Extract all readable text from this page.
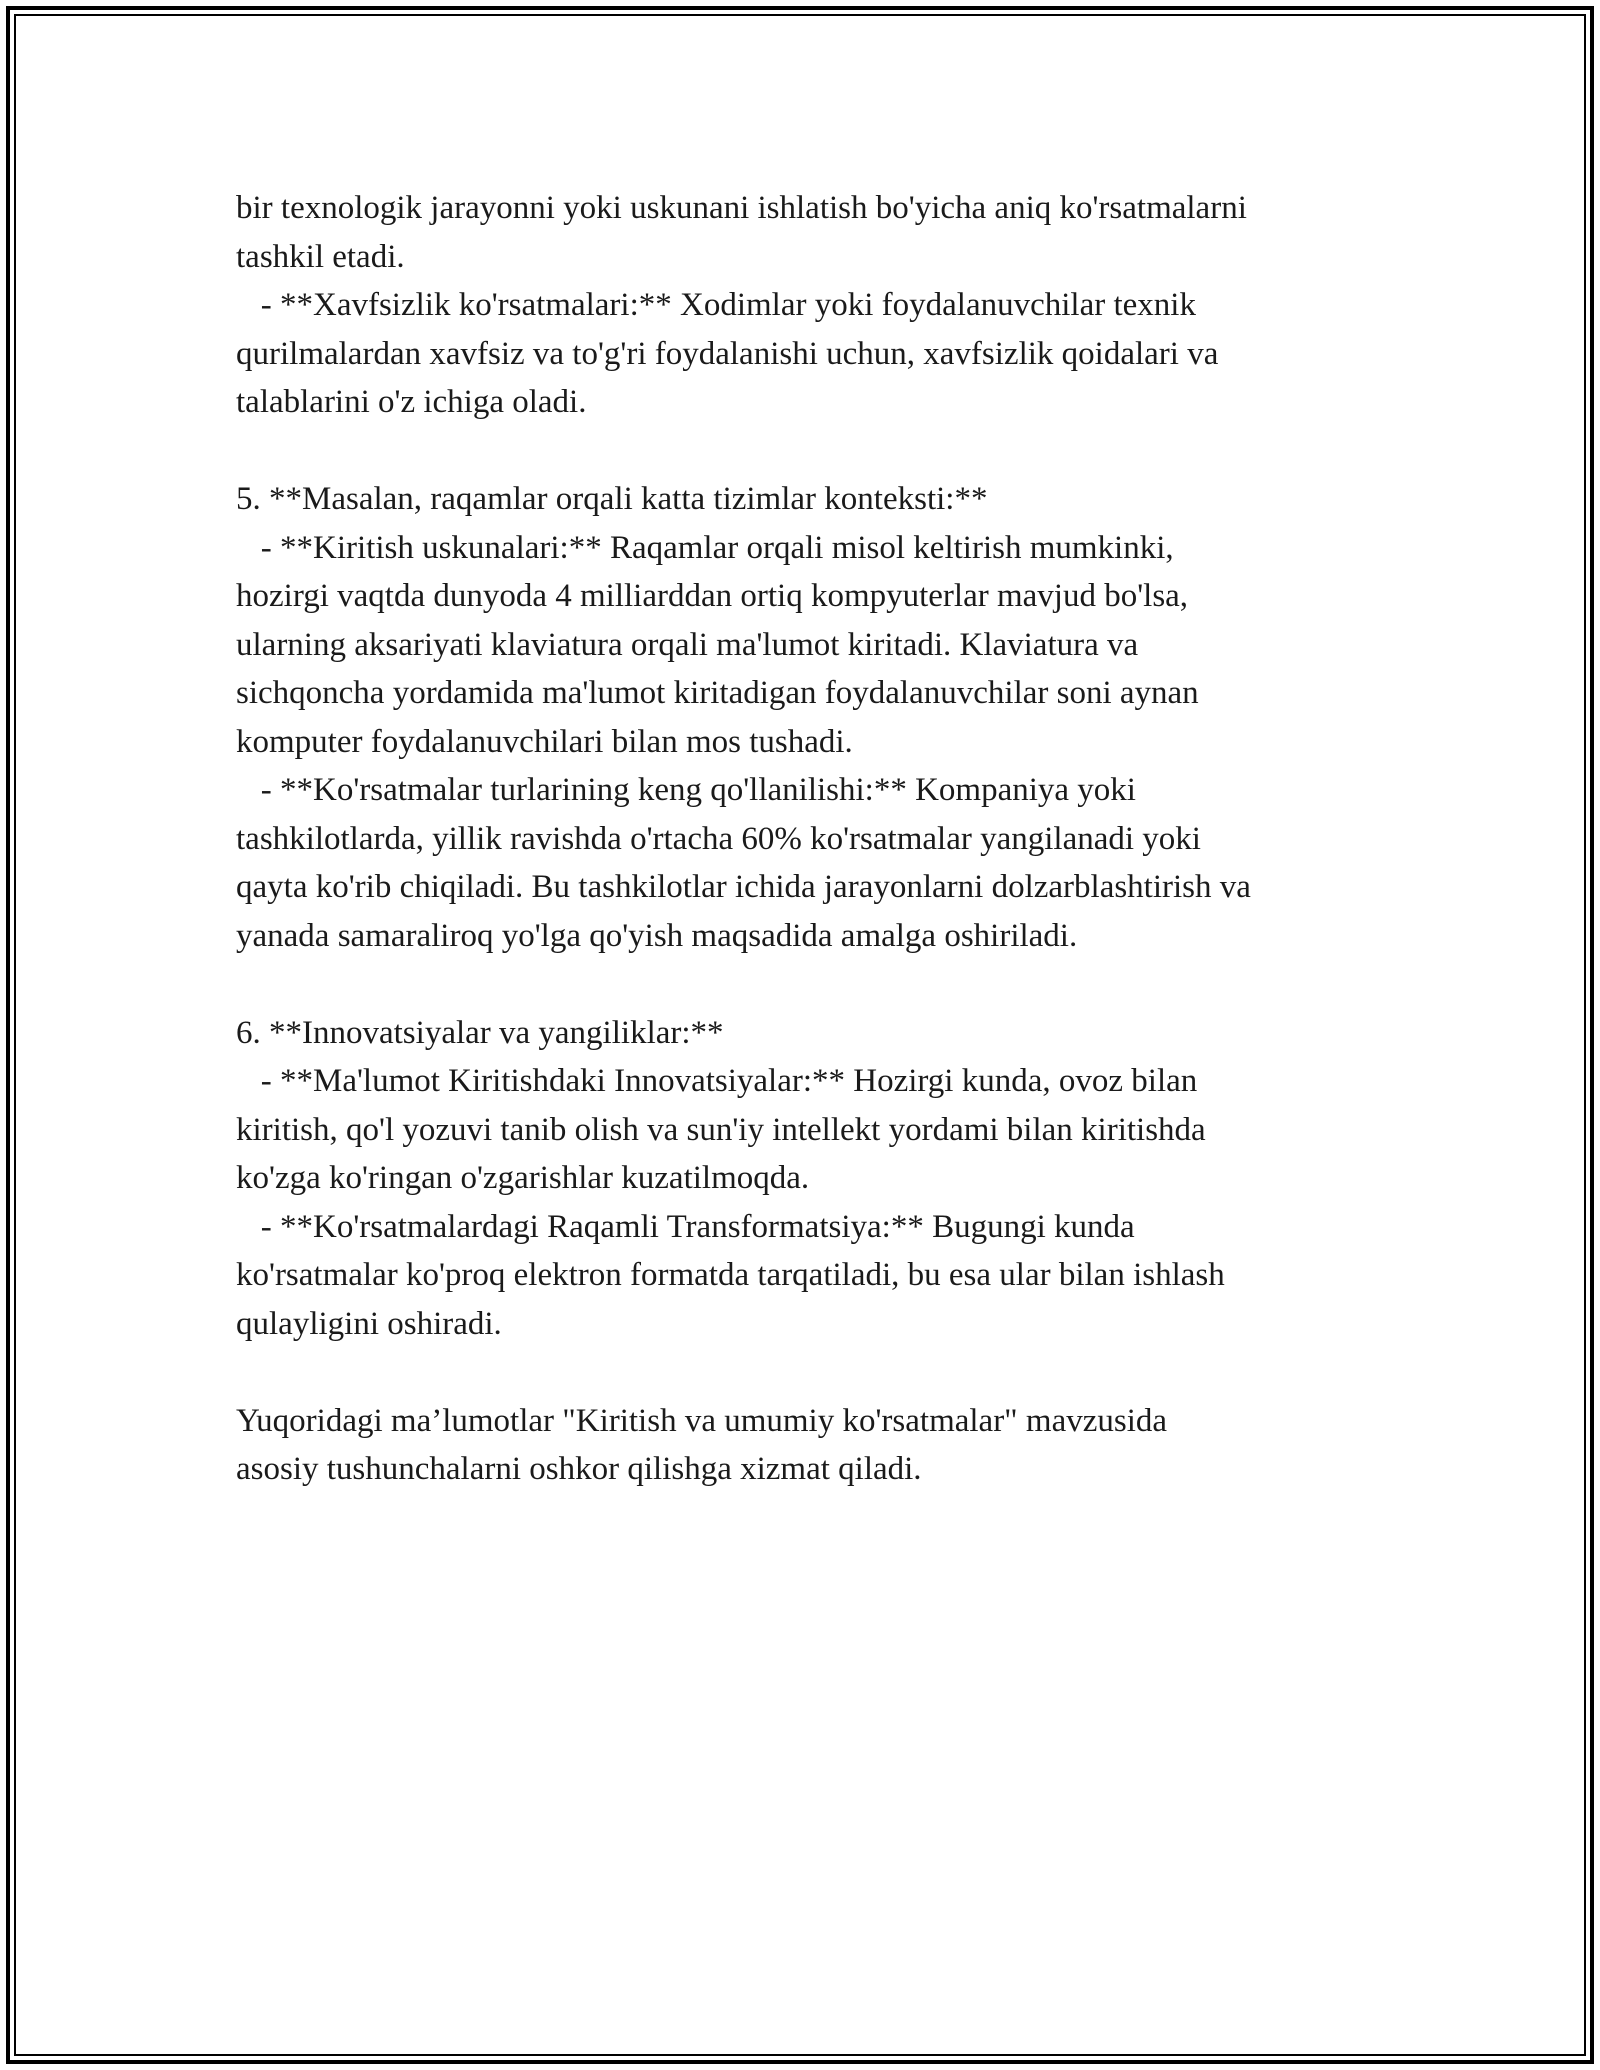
bir texnologik jarayonni yoki uskunani ishlatish bo'yicha aniq ko'rsatmalarni
tashkil etadi.
- **Xavfsizlik ko'rsatmalari:** Xodimlar yoki foydalanuvchilar texnik
qurilmalardan xavfsiz va to'g'ri foydalanishi uchun, xavfsizlik qoidalari va
talablarini o'z ichiga oladi.
5. **Masalan, raqamlar orqali katta tizimlar konteksti:**
- **Kiritish uskunalari:** Raqamlar orqali misol keltirish mumkinki,
hozirgi vaqtda dunyoda 4 milliarddan ortiq kompyuterlar mavjud bo'lsa,
ularning aksariyati klaviatura orqali ma'lumot kiritadi. Klaviatura va
sichqoncha yordamida ma'lumot kiritadigan foydalanuvchilar soni aynan
komputer foydalanuvchilari bilan mos tushadi.
- **Ko'rsatmalar turlarining keng qo'llanilishi:** Kompaniya yoki
tashkilotlarda, yillik ravishda o'rtacha 60% ko'rsatmalar yangilanadi yoki
qayta ko'rib chiqiladi. Bu tashkilotlar ichida jarayonlarni dolzarblashtirish va
yanada samaraliroq yo'lga qo'yish maqsadida amalga oshiriladi.
6. **Innovatsiyalar va yangiliklar:**
- **Ma'lumot Kiritishdaki Innovatsiyalar:** Hozirgi kunda, ovoz bilan
kiritish, qo'l yozuvi tanib olish va sun'iy intellekt yordami bilan kiritishda
ko'zga ko'ringan o'zgarishlar kuzatilmoqda.
- **Ko'rsatmalardagi Raqamli Transformatsiya:** Bugungi kunda
ko'rsatmalar ko'proq elektron formatda tarqatiladi, bu esa ular bilan ishlash
qulayligini oshiradi.
Yuqoridagi ma’lumotlar "Kiritish va umumiy ko'rsatmalar" mavzusida
asosiy tushunchalarni oshkor qilishga xizmat qiladi.
